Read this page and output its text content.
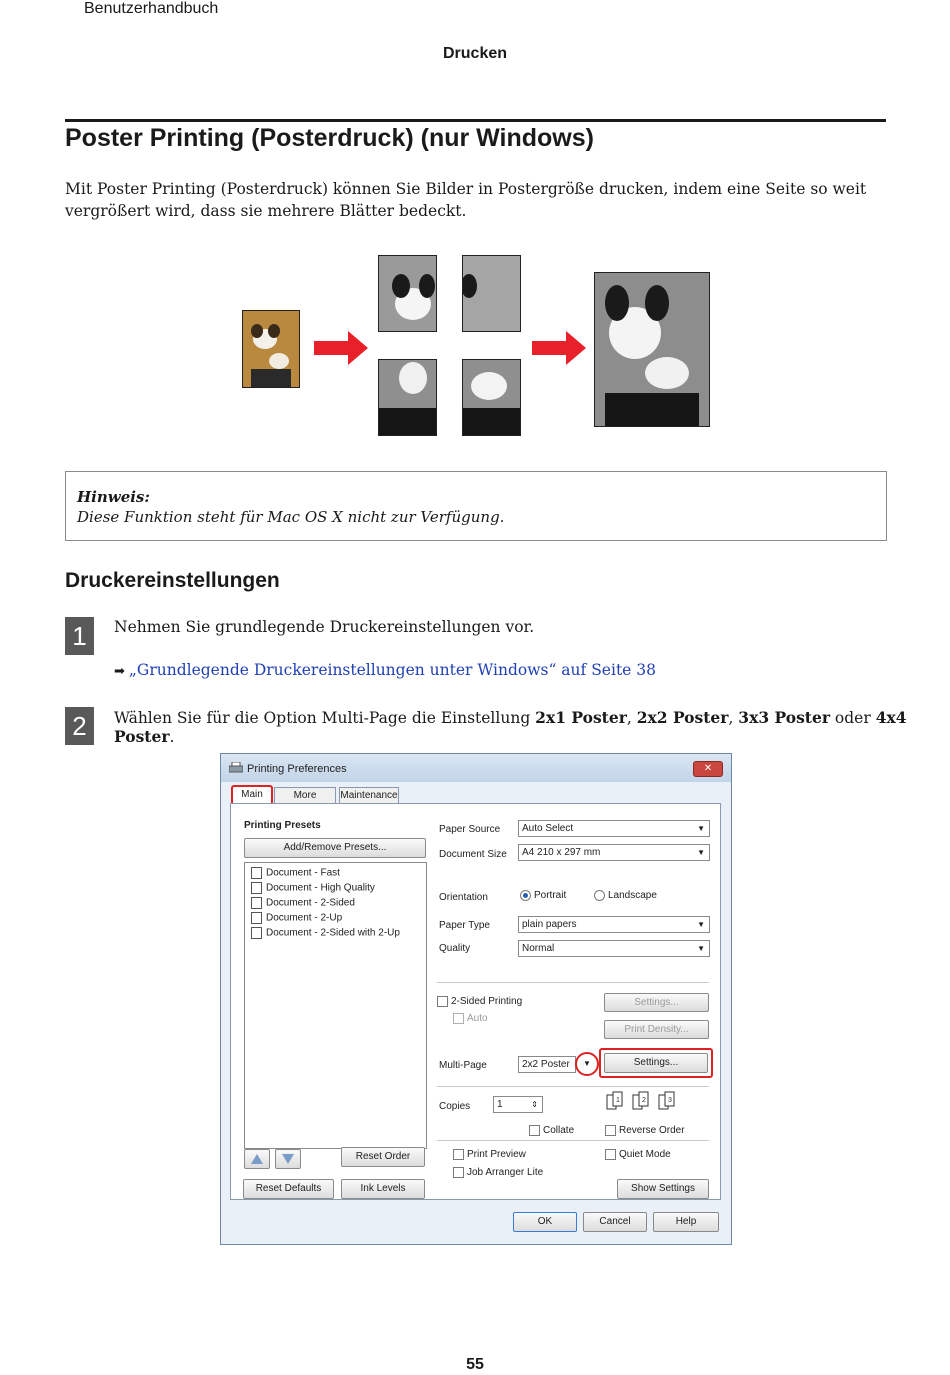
Benutzerhandbuch
Drucken
Poster Printing (Posterdruck) (nur Windows)
Mit Poster Printing (Posterdruck) können Sie Bilder in Postergröße drucken, indem eine Seite so weit vergrößert wird, dass sie mehrere Blätter bedeckt.
Hinweis:
Diese Funktion steht für Mac OS X nicht zur Verfügung.
Druckereinstellungen
1	Nehmen Sie grundlegende Druckereinstellungen vor.
➡ „Grundlegende Druckereinstellungen unter Windows“ auf Seite 38
2	Wählen Sie für die Option Multi-Page die Einstellung 2x1 Poster, 2x2 Poster, 3x3 Poster oder 4x4 Poster.
Printing Preferences	✕
Main	More	Maintenance
Printing Presets
Add/Remove Presets...
Document - Fast
Document - High Quality
Document - 2-Sided
Document - 2-Up
Document - 2-Sided with 2-Up
Reset Order
Reset Defaults	Ink Levels
Paper Source	Auto Select	▼
Document Size	A4 210 x 297 mm	▼
Orientation	Portrait	Landscape
Paper Type	plain papers	▼
Quality	Normal	▼
2-Sided Printing
Auto
Settings...
Print Density...
Multi-Page	2x2 Poster	▼	Settings...
Copies	1	⇕	1	2	3
Collate	Reverse Order
Print Preview
Job Arranger Lite
Quiet Mode
Show Settings
OK	Cancel	Help
55
